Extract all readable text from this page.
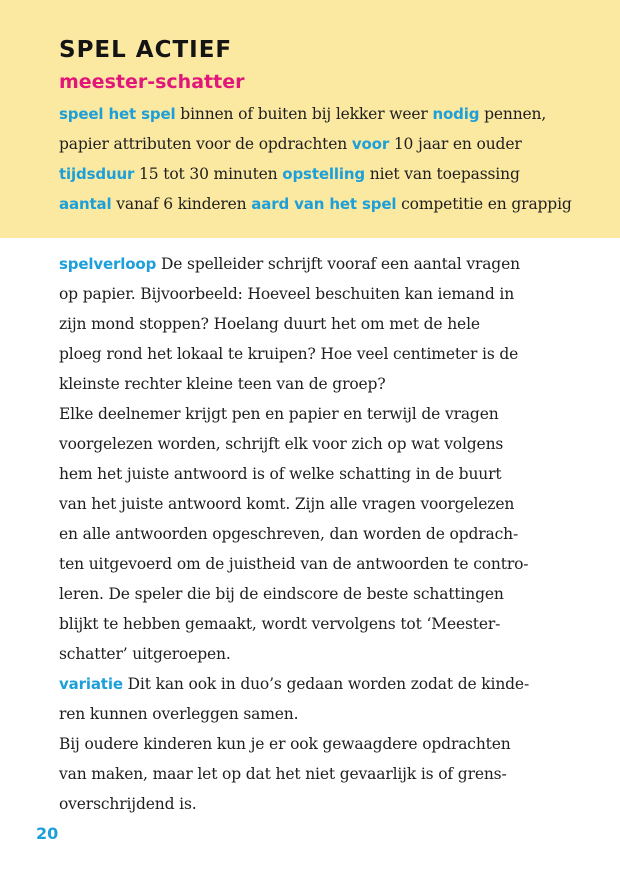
SPEL ACTIEF
meester-schatter
speel het spel binnen of buiten bij lekker weer nodig pennen,
papier attributen voor de opdrachten voor 10 jaar en ouder
tijdsduur 15 tot 30 minuten opstelling niet van toepassing
aantal vanaf 6 kinderen aard van het spel competitie en grappig
spelverloop De spelleider schrijft vooraf een aantal vragen
op papier. Bijvoorbeeld: Hoeveel beschuiten kan iemand in
zijn mond stoppen? Hoelang duurt het om met de hele
ploeg rond het lokaal te kruipen? Hoe veel centimeter is de
kleinste rechter kleine teen van de groep?
Elke deelnemer krijgt pen en papier en terwijl de vragen
voorgelezen worden, schrijft elk voor zich op wat volgens
hem het juiste antwoord is of welke schatting in de buurt
van het juiste antwoord komt. Zijn alle vragen voorgelezen
en alle antwoorden opgeschreven, dan worden de opdrach-
ten uitgevoerd om de juistheid van de antwoorden te contro-
leren. De speler die bij de eindscore de beste schattingen
blijkt te hebben gemaakt, wordt vervolgens tot ‘Meester-
schatter’ uitgeroepen.
variatie Dit kan ook in duo’s gedaan worden zodat de kinde-
ren kunnen overleggen samen.
Bij oudere kinderen kun je er ook gewaagdere opdrachten
van maken, maar let op dat het niet gevaarlijk is of grens-
overschrijdend is.
20
